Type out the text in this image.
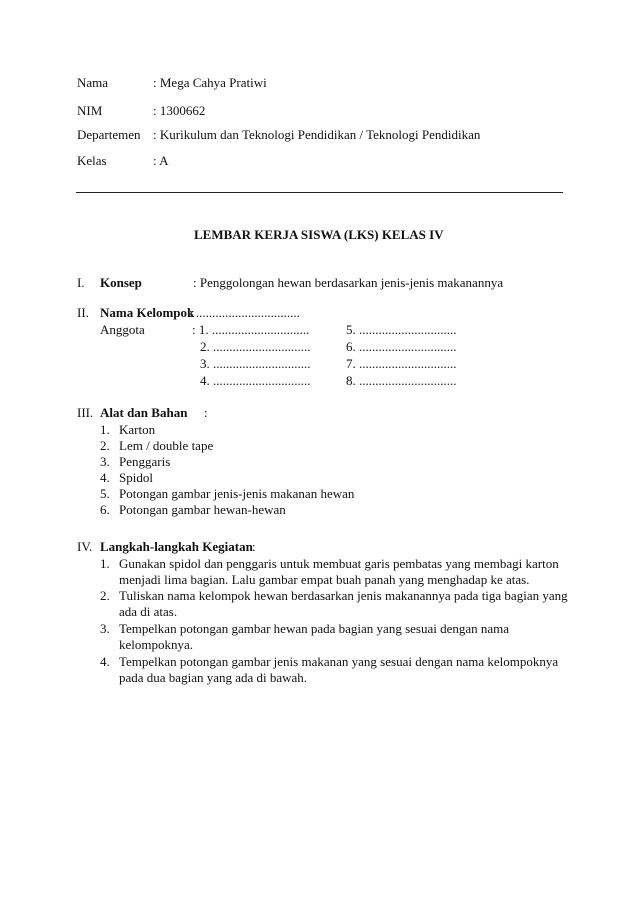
Nama	: Mega Cahya Pratiwi
NIM	: 1300662
Departemen : Kurikulum dan Teknologi Pendidikan / Teknologi Pendidikan
Kelas	: A
LEMBAR KERJA SISWA (LKS) KELAS IV
I. Konsep	: Penggolongan hewan berdasarkan jenis-jenis makanannya
II. Nama Kelompok
: ................................
Anggota	: 1. ..............................
2. ..............................
3. ..............................
4. ..............................
5. ..............................
6. ..............................
7. ..............................
8. ..............................
III. Alat dan Bahan :
1. Karton
2. Lem / double tape
3. Penggaris
4. Spidol
5. Potongan gambar jenis-jenis makanan hewan
6. Potongan gambar hewan-hewan
IV. Langkah-langkah Kegiatan :
1. Gunakan spidol dan penggaris untuk membuat garis pembatas yang membagi karton
menjadi lima bagian. Lalu gambar empat buah panah yang menghadap ke atas.
2. Tuliskan nama kelompok hewan berdasarkan jenis makanannya pada tiga bagian yang
ada di atas.
3. Tempelkan potongan gambar hewan pada bagian yang sesuai dengan nama
kelompoknya.
4. Tempelkan potongan gambar jenis makanan yang sesuai dengan nama kelompoknya
pada dua bagian yang ada di bawah.
